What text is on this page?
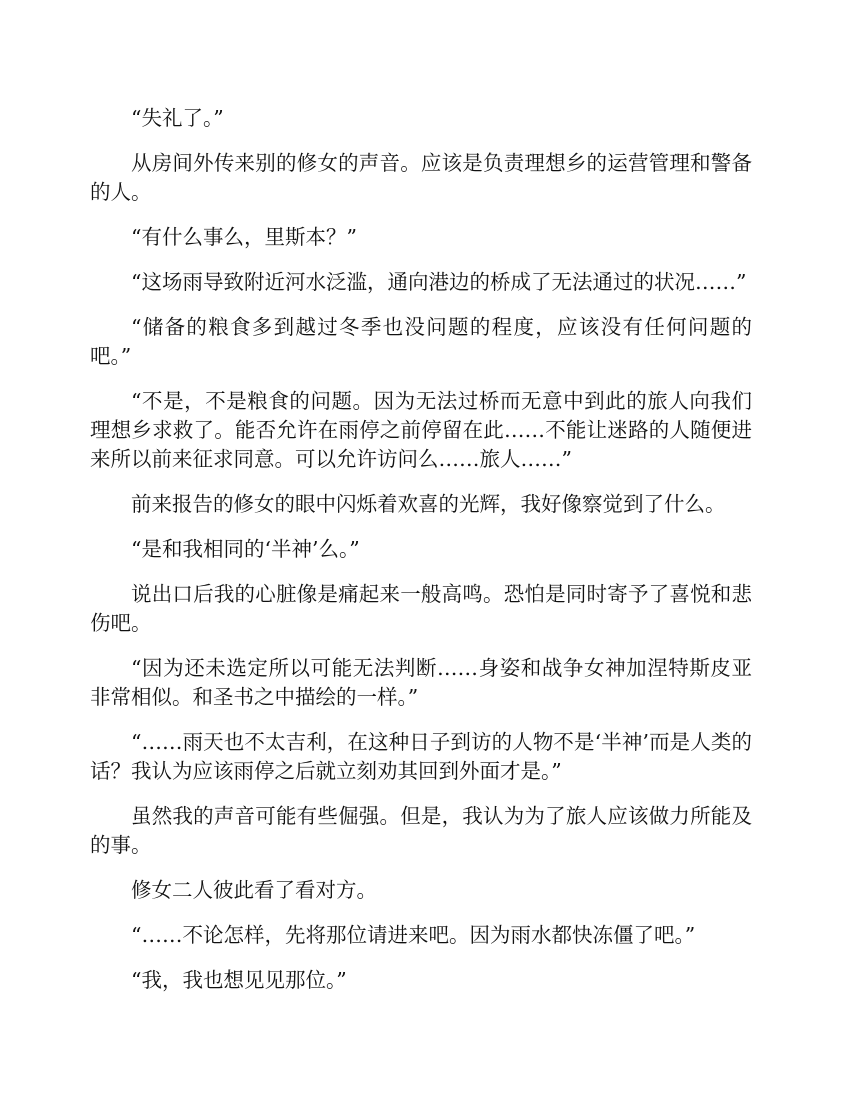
“失礼了。”

从房间外传来别的修女的声音。应该是负责理想乡的运营管理和警备的人。

“有什么事么，里斯本？”

“这场雨导致附近河水泛滥，通向港边的桥成了无法通过的状况……”

“储备的粮食多到越过冬季也没问题的程度，应该没有任何问题的吧。”

“不是，不是粮食的问题。因为无法过桥而无意中到此的旅人向我们理想乡求救了。能否允许在雨停之前停留在此……不能让迷路的人随便进来所以前来征求同意。可以允许访问么……旅人……”

前来报告的修女的眼中闪烁着欢喜的光辉，我好像察觉到了什么。

“是和我相同的‘半神’么。”

说出口后我的心脏像是痛起来一般高鸣。恐怕是同时寄予了喜悦和悲伤吧。

“因为还未选定所以可能无法判断……身姿和战争女神加涅特斯皮亚非常相似。和圣书之中描绘的一样。”

“……雨天也不太吉利，在这种日子到访的人物不是‘半神’而是人类的话？我认为应该雨停之后就立刻劝其回到外面才是。”

虽然我的声音可能有些倔强。但是，我认为为了旅人应该做力所能及的事。

修女二人彼此看了看对方。

“……不论怎样，先将那位请进来吧。因为雨水都快冻僵了吧。”

“我，我也想见见那位。”
